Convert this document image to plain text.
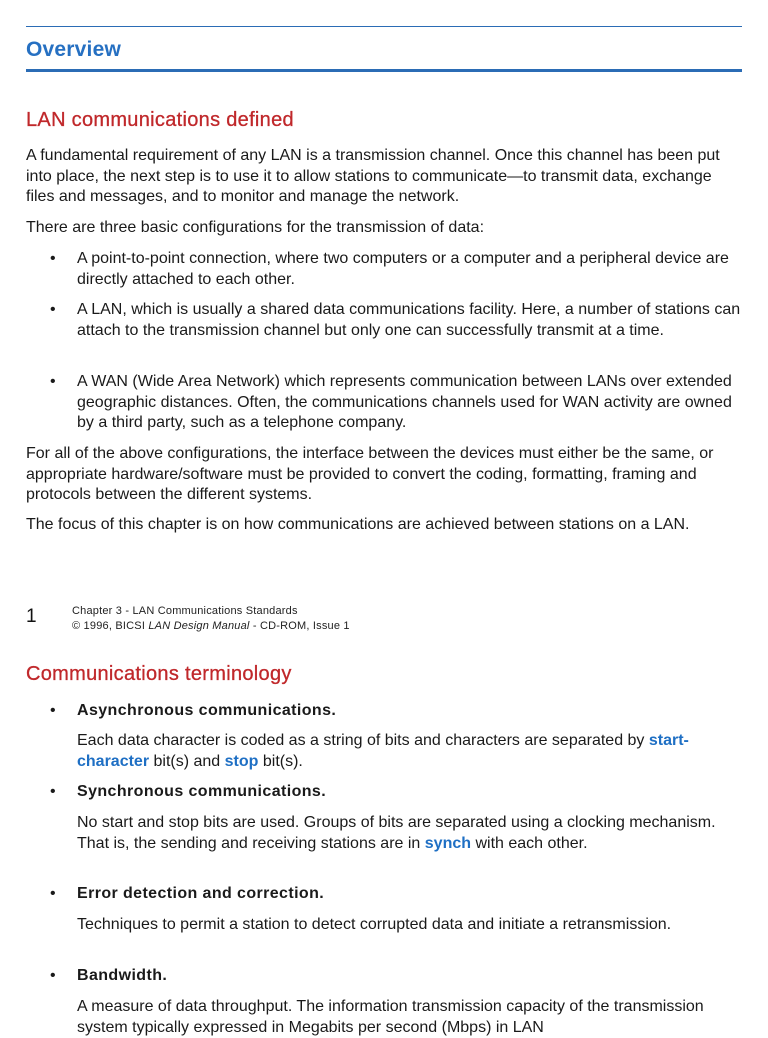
Overview
LAN communications defined

A fundamental requirement of any LAN is a transmission channel. Once this channel has been put into place, the next step is to use it to allow stations to communicate—to transmit data, exchange files and messages, and to monitor and manage the network.

There are three basic configurations for the transmission of data:

• A point-to-point connection, where two computers or a computer and a peripheral device are directly attached to each other.
• A LAN, which is usually a shared data communications facility. Here, a number of stations can attach to the transmission channel but only one can successfully transmit at a time.
• A WAN (Wide Area Network) which represents communication between LANs over extended geographic distances. Often, the communications channels used for WAN activity are owned by a third party, such as a telephone company.

For all of the above configurations, the interface between the devices must either be the same, or appropriate hardware/software must be provided to convert the coding, formatting, framing and protocols between the different systems.

The focus of this chapter is on how communications are achieved between stations on a LAN.

1	Chapter 3 - LAN Communications Standards
© 1996, BICSI LAN Design Manual - CD-ROM, Issue 1
Communications terminology
• Asynchronous communications.

Each data character is coded as a string of bits and characters are separated by start-character bit(s) and stop bit(s).

• Synchronous communications.

No start and stop bits are used. Groups of bits are separated using a clocking mechanism. That is, the sending and receiving stations are in synch with each other.

• Error detection and correction.

Techniques to permit a station to detect corrupted data and initiate a retransmission.

• Bandwidth.

A measure of data throughput. The information transmission capacity of the transmission system typically expressed in Megabits per second (Mbps) in LAN
